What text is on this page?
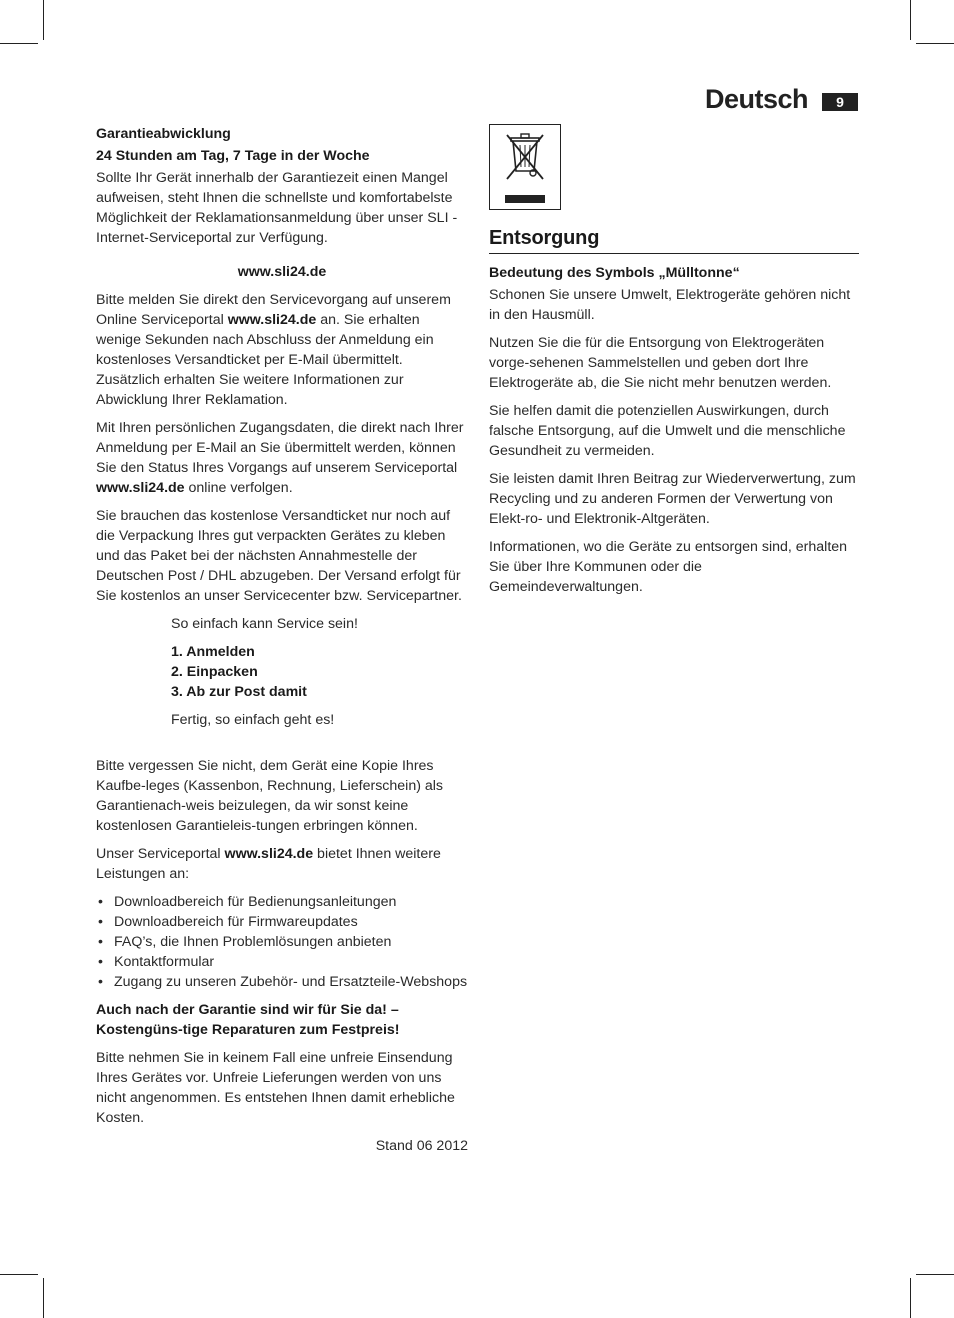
Deutsch	9

Garantieabwicklung

24 Stunden am Tag, 7 Tage in der Woche

Sollte Ihr Gerät innerhalb der Garantiezeit einen Mangel aufweisen, steht Ihnen die schnellste und komfortabelste Möglichkeit der Reklamationsanmeldung über unser SLI -Internet-Serviceportal zur Verfügung.

www.sli24.de

Bitte melden Sie direkt den Servicevorgang auf unserem Online Serviceportal www.sli24.de an. Sie erhalten wenige Sekunden nach Abschluss der Anmeldung ein kostenloses Versandticket per E-Mail übermittelt. Zusätzlich erhalten Sie weitere Informationen zur Abwicklung Ihrer Reklamation.

Mit Ihren persönlichen Zugangsdaten, die direkt nach Ihrer Anmeldung per E-Mail an Sie übermittelt werden, können Sie den Status Ihres Vorgangs auf unserem Serviceportal www.sli24.de online verfolgen.

Sie brauchen das kostenlose Versandticket nur noch auf die Verpackung Ihres gut verpackten Gerätes zu kleben und das Paket bei der nächsten Annahmestelle der Deutschen Post / DHL abzugeben. Der Versand erfolgt für Sie kostenlos an unser Servicecenter bzw. Servicepartner.

So einfach kann Service sein!

1. Anmelden
2. Einpacken
3. Ab zur Post damit

Fertig, so einfach geht es!

Bitte vergessen Sie nicht, dem Gerät eine Kopie Ihres Kaufbe-leges (Kassenbon, Rechnung, Lieferschein) als Garantienach-weis beizulegen, da wir sonst keine kostenlosen Garantieleis-tungen erbringen können.

Unser Serviceportal www.sli24.de bietet Ihnen weitere Leistungen an:

• Downloadbereich für Bedienungsanleitungen
• Downloadbereich für Firmwareupdates
• FAQ’s, die Ihnen Problemlösungen anbieten
• Kontaktformular
• Zugang zu unseren Zubehör- und Ersatzteile-Webshops

Auch nach der Garantie sind wir für Sie da! – Kostengüns-tige Reparaturen zum Festpreis!

Bitte nehmen Sie in keinem Fall eine unfreie Einsendung Ihres Gerätes vor. Unfreie Lieferungen werden von uns nicht angenommen. Es entstehen Ihnen damit erhebliche Kosten.

Stand 06 2012

Entsorgung

Bedeutung des Symbols „Mülltonne“

Schonen Sie unsere Umwelt, Elektrogeräte gehören nicht in den Hausmüll.

Nutzen Sie die für die Entsorgung von Elektrogeräten vorge-sehenen Sammelstellen und geben dort Ihre Elektrogeräte ab, die Sie nicht mehr benutzen werden.

Sie helfen damit die potenziellen Auswirkungen, durch falsche Entsorgung, auf die Umwelt und die menschliche Gesundheit zu vermeiden.

Sie leisten damit Ihren Beitrag zur Wiederverwertung, zum Recycling und zu anderen Formen der Verwertung von Elekt-ro- und Elektronik-Altgeräten.

Informationen, wo die Geräte zu entsorgen sind, erhalten Sie über Ihre Kommunen oder die Gemeindeverwaltungen.
